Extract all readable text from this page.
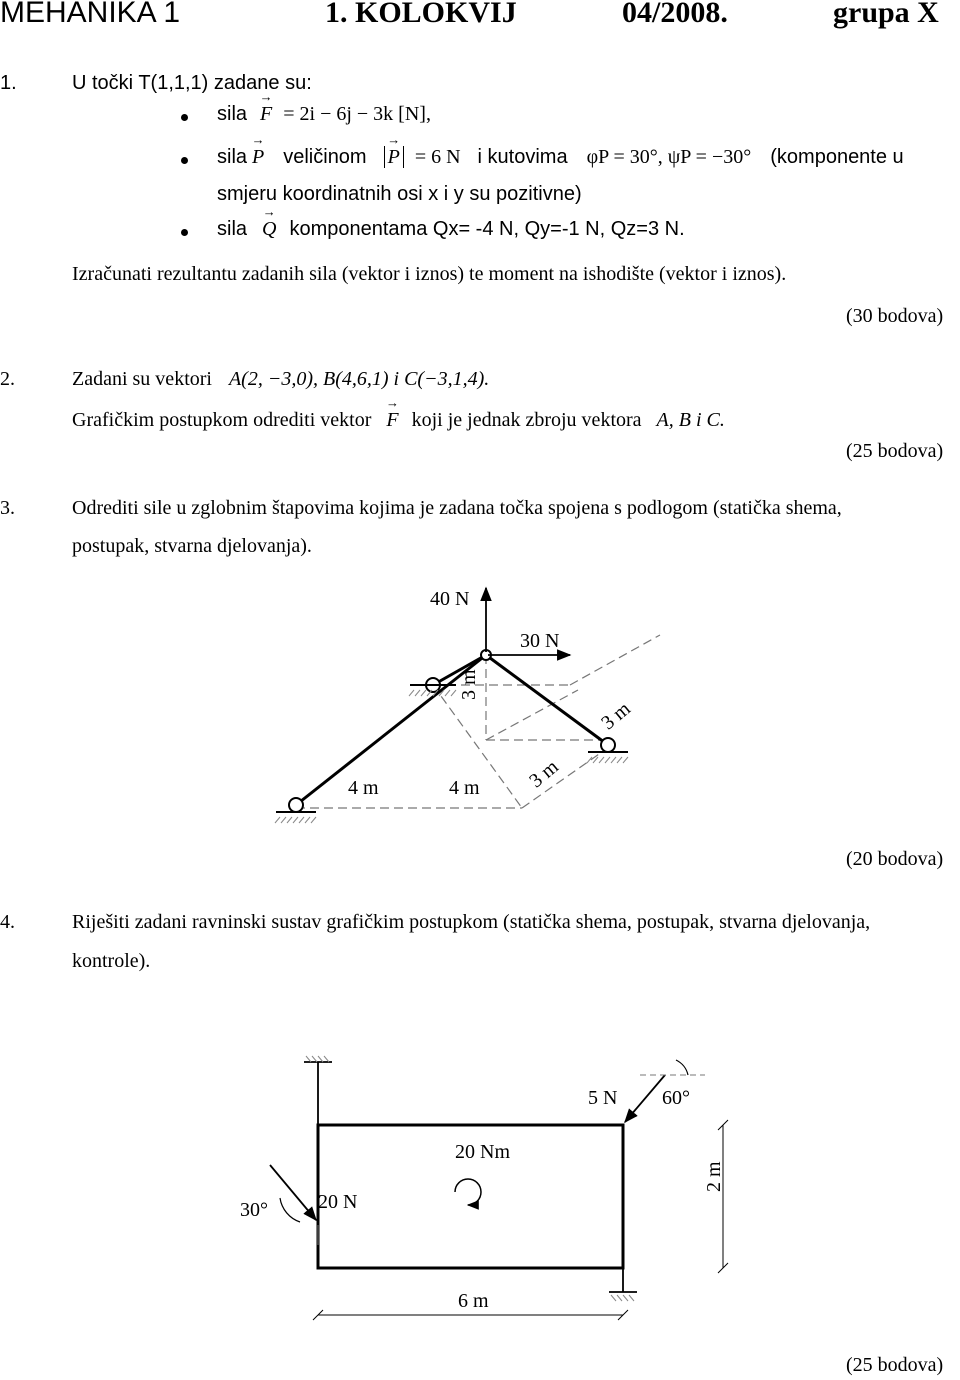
MEHANIKA 1	1. KOLOKVIJ	04/2008.	grupa X
1.	U točki T(1,1,1) zadane su:
sila → F = 2i − 6j − 3k [N],
sila → P veličinom → P = 6 N i kutovima φP = 30°, ψP = −30° (komponente u
smjeru koordinatnih osi x i y su pozitivne)
sila → Q komponentama Qx= -4 N, Qy=-1 N, Qz=3 N.
Izračunati rezultantu zadanih sila (vektor i iznos) te moment na ishodište (vektor i iznos).
(30 bodova)
2.	Zadani su vektori A(2, −3,0), B(4,6,1) i C(−3,1,4).
Grafičkim postupkom odrediti vektor → F koji je jednak zbroju vektora A, B i C.
(25 bodova)
3.	Odrediti sile u zglobnim štapovima kojima je zadana točka spojena s podlogom (statička shema,
postupak, stvarna djelovanja).
40 N
30 N
3 m
3 m
3 m
4 m	4 m
(20 bodova)
4.	Riješiti zadani ravninski sustav grafičkim postupkom (statička shema, postupak, stvarna djelovanja,
kontrole).
5 N 60°
20 Nm
20 N
30°
2 m
6 m
(25 bodova)
